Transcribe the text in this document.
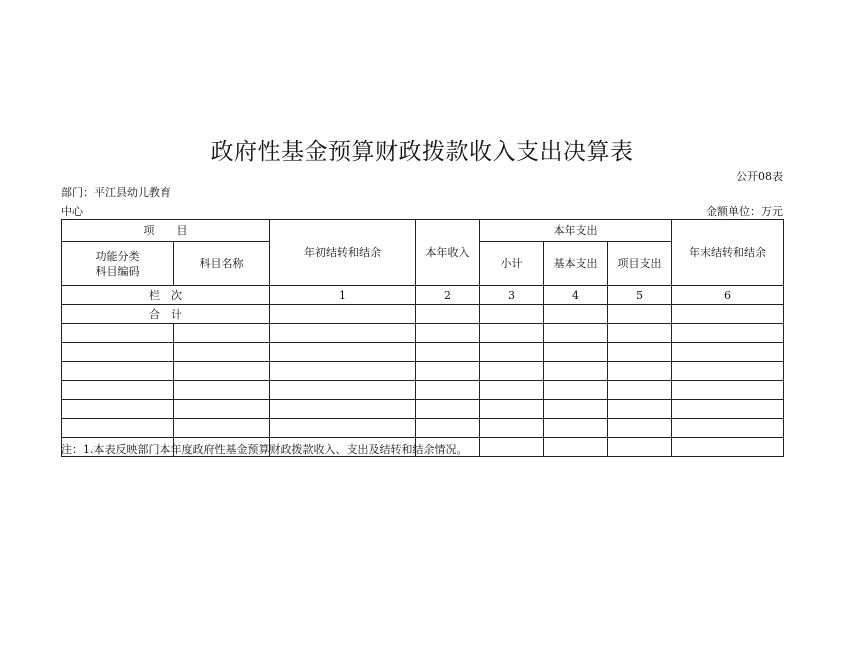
政府性基金预算财政拨款收入支出决算表
公开08表
部门：平江县幼儿教育
中心	金额单位：万元
项　　目		年初结转和结余	本年收入	本年支出			年末结转和结余

功能分类
科目编码	科目名称			小计	基本支出	项目支出	
栏　次		1	2	3	4	5	6
合　计							

注：1.本表反映部门本年度政府性基金预算财政拨款收入、支出及结转和结余情况。
